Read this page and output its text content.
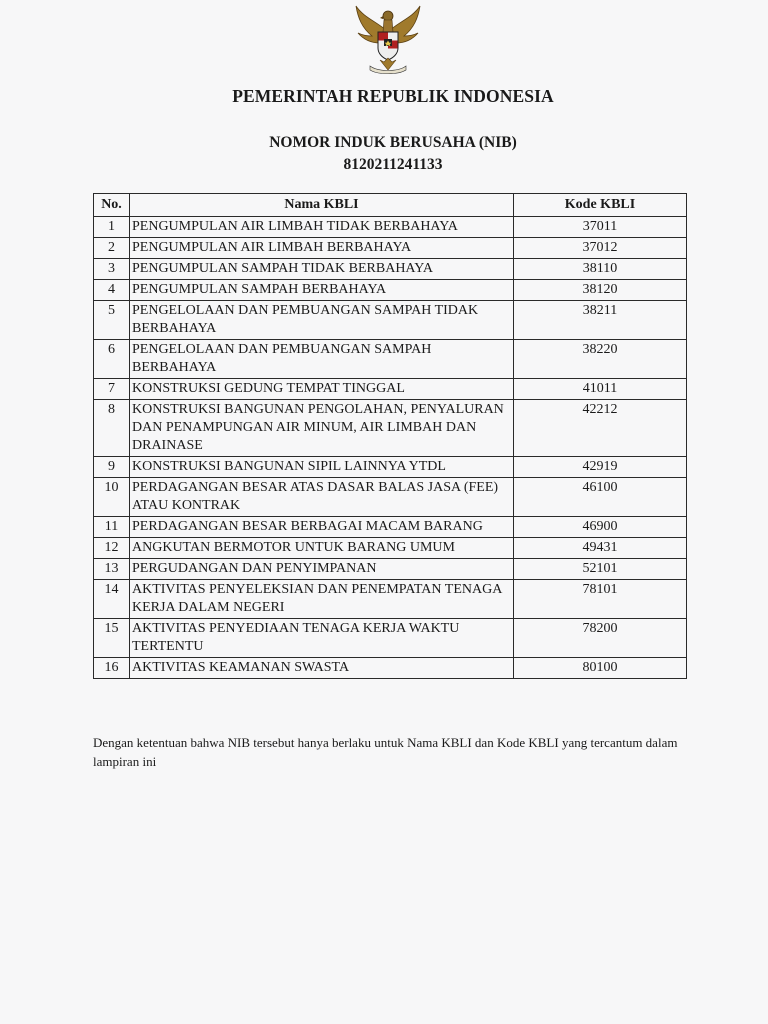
PEMERINTAH REPUBLIK INDONESIA
NOMOR INDUK BERUSAHA (NIB)
8120211241133
No.	Nama KBLI	Kode KBLI
1	PENGUMPULAN AIR LIMBAH TIDAK BERBAHAYA	37011
2	PENGUMPULAN AIR LIMBAH BERBAHAYA	37012
3	PENGUMPULAN SAMPAH TIDAK BERBAHAYA	38110
4	PENGUMPULAN SAMPAH BERBAHAYA	38120
5	PENGELOLAAN DAN PEMBUANGAN SAMPAH TIDAK BERBAHAYA	38211
6	PENGELOLAAN DAN PEMBUANGAN SAMPAH BERBAHAYA	38220
7	KONSTRUKSI GEDUNG TEMPAT TINGGAL	41011
8	KONSTRUKSI BANGUNAN PENGOLAHAN, PENYALURAN DAN PENAMPUNGAN AIR MINUM, AIR LIMBAH DAN DRAINASE	42212
9	KONSTRUKSI BANGUNAN SIPIL LAINNYA YTDL	42919
10	PERDAGANGAN BESAR ATAS DASAR BALAS JASA (FEE) ATAU KONTRAK	46100
11	PERDAGANGAN BESAR BERBAGAI MACAM BARANG	46900
12	ANGKUTAN BERMOTOR UNTUK BARANG UMUM	49431
13	PERGUDANGAN DAN PENYIMPANAN	52101
14	AKTIVITAS PENYELEKSIAN DAN PENEMPATAN TENAGA KERJA DALAM NEGERI	78101
15	AKTIVITAS PENYEDIAAN TENAGA KERJA WAKTU TERTENTU	78200
16	AKTIVITAS KEAMANAN SWASTA	80100
Dengan ketentuan bahwa NIB tersebut hanya berlaku untuk Nama KBLI dan Kode KBLI yang tercantum dalam lampiran ini
